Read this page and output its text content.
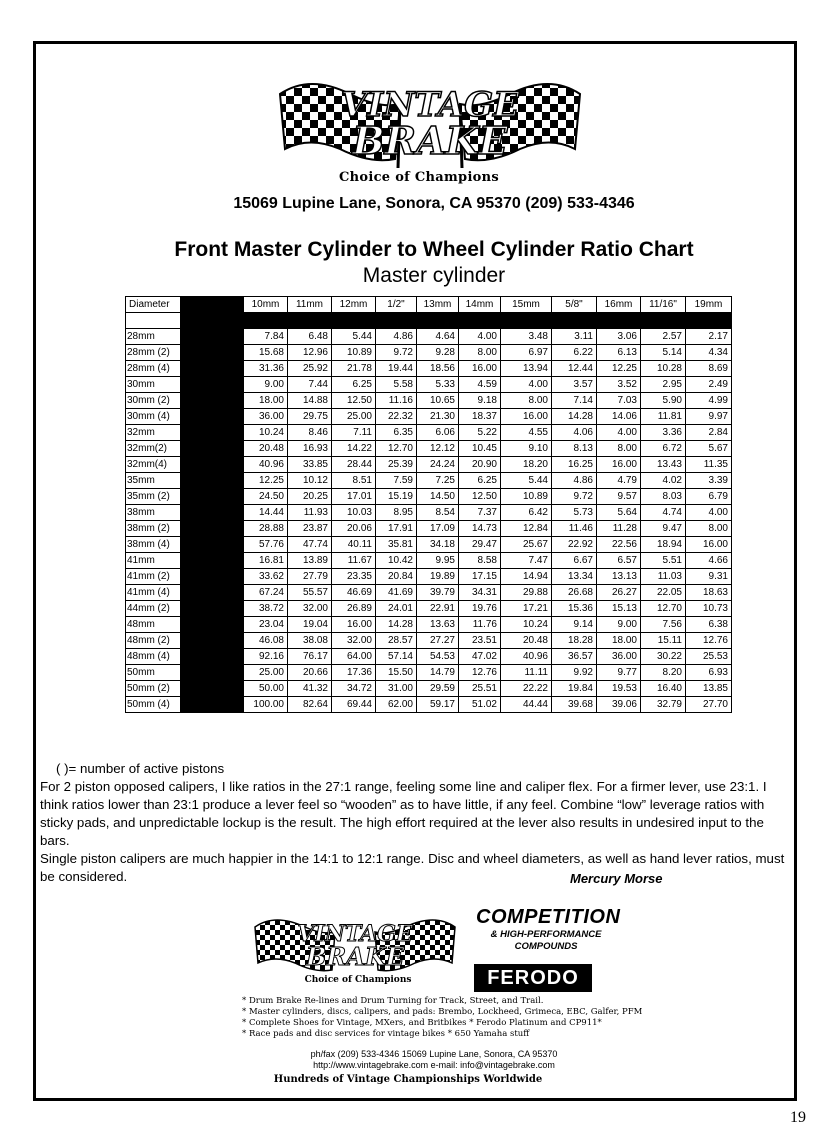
VINTAGE
BRAKE
Choice of Champions
15069 Lupine Lane, Sonora, CA 95370 (209) 533-4346
Front Master Cylinder to Wheel Cylinder Ratio Chart
Master cylinder
Diameter		10mm	11mm	12mm	1/2"	13mm	14mm	15mm	5/8"	16mm	11/16"	19mm

28mm		7.84	6.48	5.44	4.86	4.64	4.00	3.48	3.11	3.06	2.57	2.17
28mm (2)		15.68	12.96	10.89	9.72	9.28	8.00	6.97	6.22	6.13	5.14	4.34
28mm (4)		31.36	25.92	21.78	19.44	18.56	16.00	13.94	12.44	12.25	10.28	8.69
30mm		9.00	7.44	6.25	5.58	5.33	4.59	4.00	3.57	3.52	2.95	2.49
30mm (2)		18.00	14.88	12.50	11.16	10.65	9.18	8.00	7.14	7.03	5.90	4.99
30mm (4)		36.00	29.75	25.00	22.32	21.30	18.37	16.00	14.28	14.06	11.81	9.97
32mm		10.24	8.46	7.11	6.35	6.06	5.22	4.55	4.06	4.00	3.36	2.84
32mm(2)		20.48	16.93	14.22	12.70	12.12	10.45	9.10	8.13	8.00	6.72	5.67
32mm(4)		40.96	33.85	28.44	25.39	24.24	20.90	18.20	16.25	16.00	13.43	11.35
35mm		12.25	10.12	8.51	7.59	7.25	6.25	5.44	4.86	4.79	4.02	3.39
35mm (2)		24.50	20.25	17.01	15.19	14.50	12.50	10.89	9.72	9.57	8.03	6.79
38mm		14.44	11.93	10.03	8.95	8.54	7.37	6.42	5.73	5.64	4.74	4.00
38mm (2)		28.88	23.87	20.06	17.91	17.09	14.73	12.84	11.46	11.28	9.47	8.00
38mm (4)		57.76	47.74	40.11	35.81	34.18	29.47	25.67	22.92	22.56	18.94	16.00
41mm		16.81	13.89	11.67	10.42	9.95	8.58	7.47	6.67	6.57	5.51	4.66
41mm (2)		33.62	27.79	23.35	20.84	19.89	17.15	14.94	13.34	13.13	11.03	9.31
41mm (4)		67.24	55.57	46.69	41.69	39.79	34.31	29.88	26.68	26.27	22.05	18.63
44mm (2)		38.72	32.00	26.89	24.01	22.91	19.76	17.21	15.36	15.13	12.70	10.73
48mm		23.04	19.04	16.00	14.28	13.63	11.76	10.24	9.14	9.00	7.56	6.38
48mm (2)		46.08	38.08	32.00	28.57	27.27	23.51	20.48	18.28	18.00	15.11	12.76
48mm (4)		92.16	76.17	64.00	57.14	54.53	47.02	40.96	36.57	36.00	30.22	25.53
50mm		25.00	20.66	17.36	15.50	14.79	12.76	11.11	9.92	9.77	8.20	6.93
50mm (2)		50.00	41.32	34.72	31.00	29.59	25.51	22.22	19.84	19.53	16.40	13.85
50mm (4)		100.00	82.64	69.44	62.00	59.17	51.02	44.44	39.68	39.06	32.79	27.70

( )= number of active pistons

For 2 piston opposed calipers, I like ratios in the 27:1 range, feeling some line and caliper flex. For a firmer lever, use 23:1. I think ratios lower than 23:1 produce a lever feel so “wooden” as to have little, if any feel. Combine “low” leverage ratios with sticky pads, and unpredictable lockup is the result. The high effort required at the lever also results in undesired input to the bars.

Single piston calipers are much happier in the 14:1 to 12:1 range. Disc and wheel diameters, as well as hand lever ratios, must be considered.	Mercury Morse
VINTAGE
BRAKE
Choice of Champions
COMPETITION
& HIGH-PERFORMANCE
COMPOUNDS
FERODO
* Drum Brake Re-lines and Drum Turning for Track, Street, and Trail.
* Master cylinders, discs, calipers, and pads: Brembo, Lockheed, Grimeca, EBC, Galfer, PFM
* Complete Shoes for Vintage, MXers, and Britbikes * Ferodo Platinum and CP911*
* Race pads and disc services for vintage bikes * 650 Yamaha stuff
ph/fax (209) 533-4346 15069 Lupine Lane, Sonora, CA 95370
http://www.vintagebrake.com e-mail: info@vintagebrake.com
Hundreds of Vintage Championships Worldwide
19
